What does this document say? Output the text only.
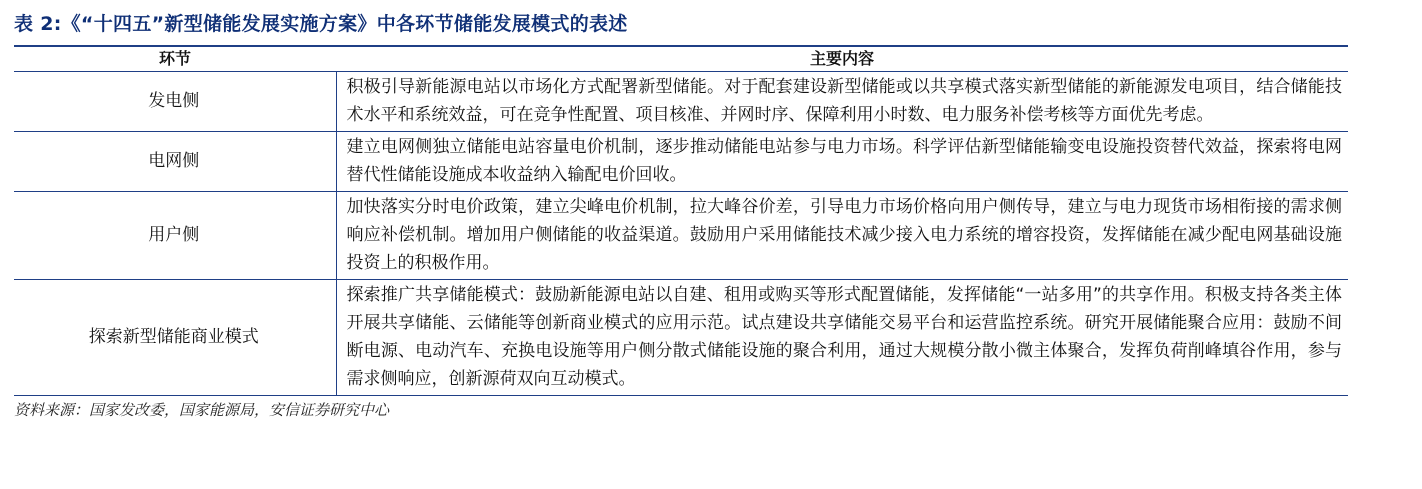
表 2:《“十四五”新型储能发展实施方案》中各环节储能发展模式的表述
环节	主要内容
发电侧	积极引导新能源电站以市场化方式配署新型储能。对于配套建设新型储能或以共享模式落实新型储能的新能源发电项目，结合储能技术水平和系统效益，可在竞争性配置、项目核准、并网时序、保障利用小时数、电力服务补偿考核等方面优先考虑。
电网侧	建立电网侧独立储能电站容量电价机制，逐步推动储能电站参与电力市场。科学评估新型储能输变电设施投资替代效益，探索将电网替代性储能设施成本收益纳入输配电价回收。
用户侧	加快落实分时电价政策，建立尖峰电价机制，拉大峰谷价差，引导电力市场价格向用户侧传导，建立与电力现货市场相衔接的需求侧响应补偿机制。增加用户侧储能的收益渠道。鼓励用户采用储能技术减少接入电力系统的增容投资，发挥储能在减少配电网基础设施投资上的积极作用。
探索新型储能商业模式	探索推广共享储能模式：鼓励新能源电站以自建、租用或购买等形式配置储能，发挥储能“一站多用”的共享作用。积极支持各类主体开展共享储能、云储能等创新商业模式的应用示范。试点建设共享储能交易平台和运营监控系统。研究开展储能聚合应用：鼓励不间断电源、电动汽车、充换电设施等用户侧分散式储能设施的聚合利用，通过大规模分散小微主体聚合，发挥负荷削峰填谷作用，参与需求侧响应，创新源荷双向互动模式。
资料来源：国家发改委，国家能源局，安信证券研究中心
